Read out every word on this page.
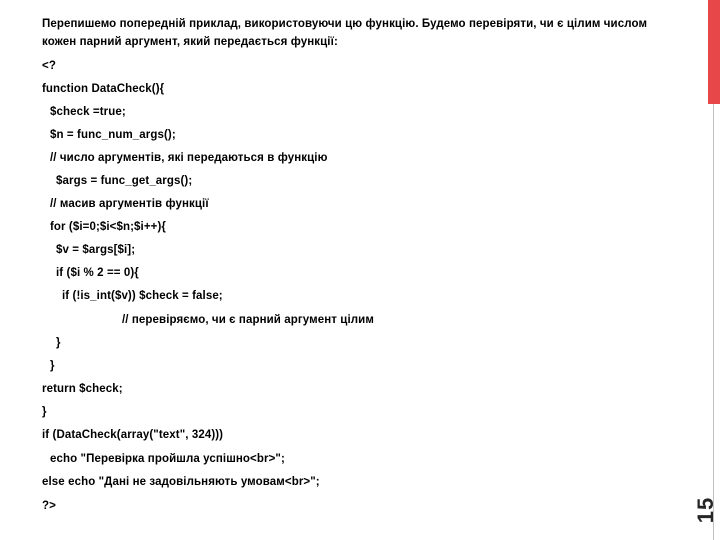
Перепишемо попередній приклад, використовуючи цю функцію. Будемо перевіряти, чи є цілим числом кожен парний аргумент, який передається функції:
<?
function DataCheck(){
$check =true;
$n = func_num_args();
// число аргументів, які передаються в функцію
$args = func_get_args();
// масив аргументів функції
for ($i=0;$i<$n;$i++){
$v = $args[$i];
if ($i % 2 == 0){
if (!is_int($v)) $check = false;
// перевіряємо, чи є парний аргумент цілим
}
}
return $check;
}
if (DataCheck(array("text", 324)))
echo "Перевірка пройшла успішно<br>";
else echo "Дані не задовільняють умовам<br>";
?>	15
